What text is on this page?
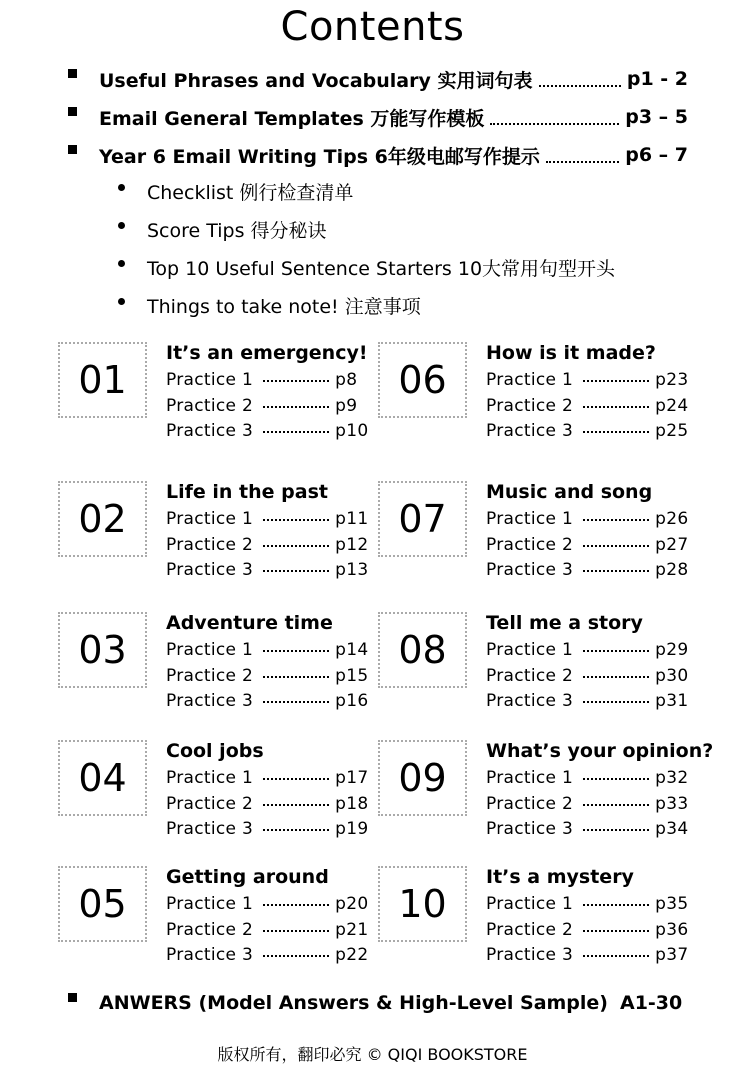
Contents
Useful Phrases and Vocabulary 实用词句表	p1 - 2
Email General Templates 万能写作模板	p3 – 5
Year 6 Email Writing Tips 6年级电邮写作提示	p6 – 7
Checklist 例行检查清单
Score Tips 得分秘诀
Top 10 Useful Sentence Starters 10大常用句型开头
Things to take note! 注意事项
01
It’s an emergency!
Practice 1	p8
Practice 2	p9
Practice 3	p10
02
Life in the past
Practice 1	p11
Practice 2	p12
Practice 3	p13
03
Adventure time
Practice 1	p14
Practice 2	p15
Practice 3	p16
04
Cool jobs
Practice 1	p17
Practice 2	p18
Practice 3	p19
05
Getting around
Practice 1	p20
Practice 2	p21
Practice 3	p22
06
How is it made?
Practice 1	p23
Practice 2	p24
Practice 3	p25
07
Music and song
Practice 1	p26
Practice 2	p27
Practice 3	p28
08
Tell me a story
Practice 1	p29
Practice 2	p30
Practice 3	p31
09
What’s your opinion?
Practice 1	p32
Practice 2	p33
Practice 3	p34
10
It’s a mystery
Practice 1	p35
Practice 2	p36
Practice 3	p37
ANWERS (Model Answers & High-Level Sample) A1-30
版权所有，翻印必究 © QIQI BOOKSTORE
